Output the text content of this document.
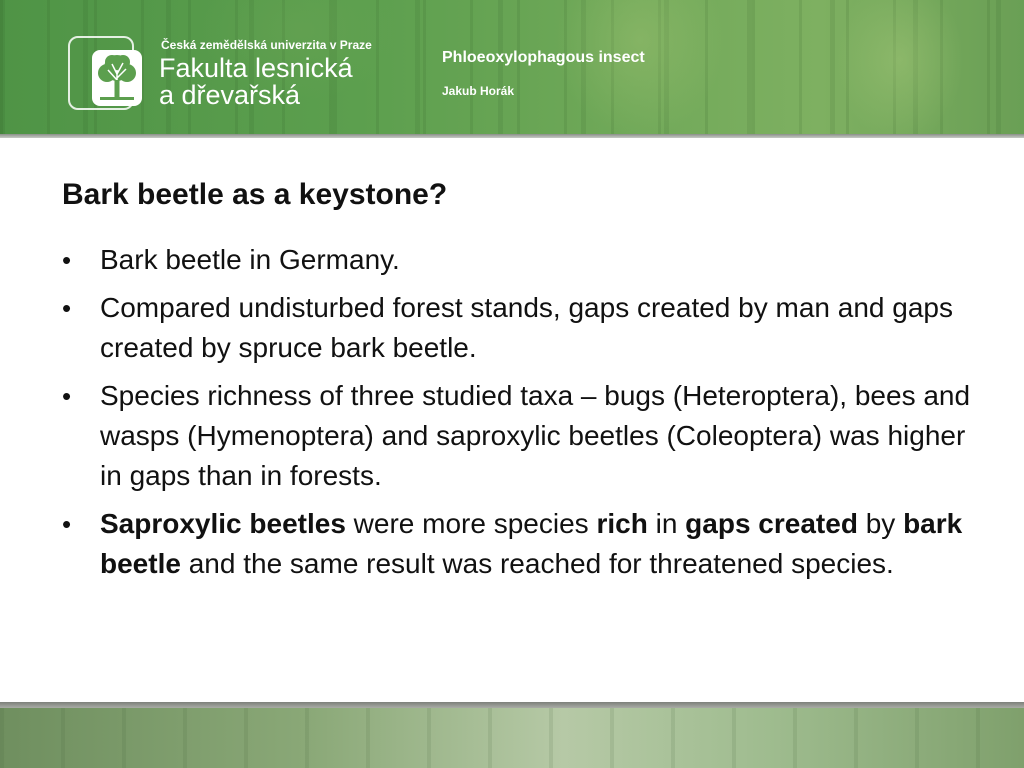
Česká zemědělská univerzita v Praze
Fakulta lesnická
a dřevařská
Phloeoxylophagous insect
Jakub Horák
Bark beetle as a keystone?
• Bark beetle in Germany.
• Compared undisturbed forest stands, gaps created by man and gaps created by spruce bark beetle.
• Species richness of three studied taxa – bugs (Heteroptera), bees and wasps (Hymenoptera) and saproxylic beetles (Coleoptera) was higher in gaps than in forests.
• Saproxylic beetles were more species rich in gaps created by bark beetle and the same result was reached for threatened species.
